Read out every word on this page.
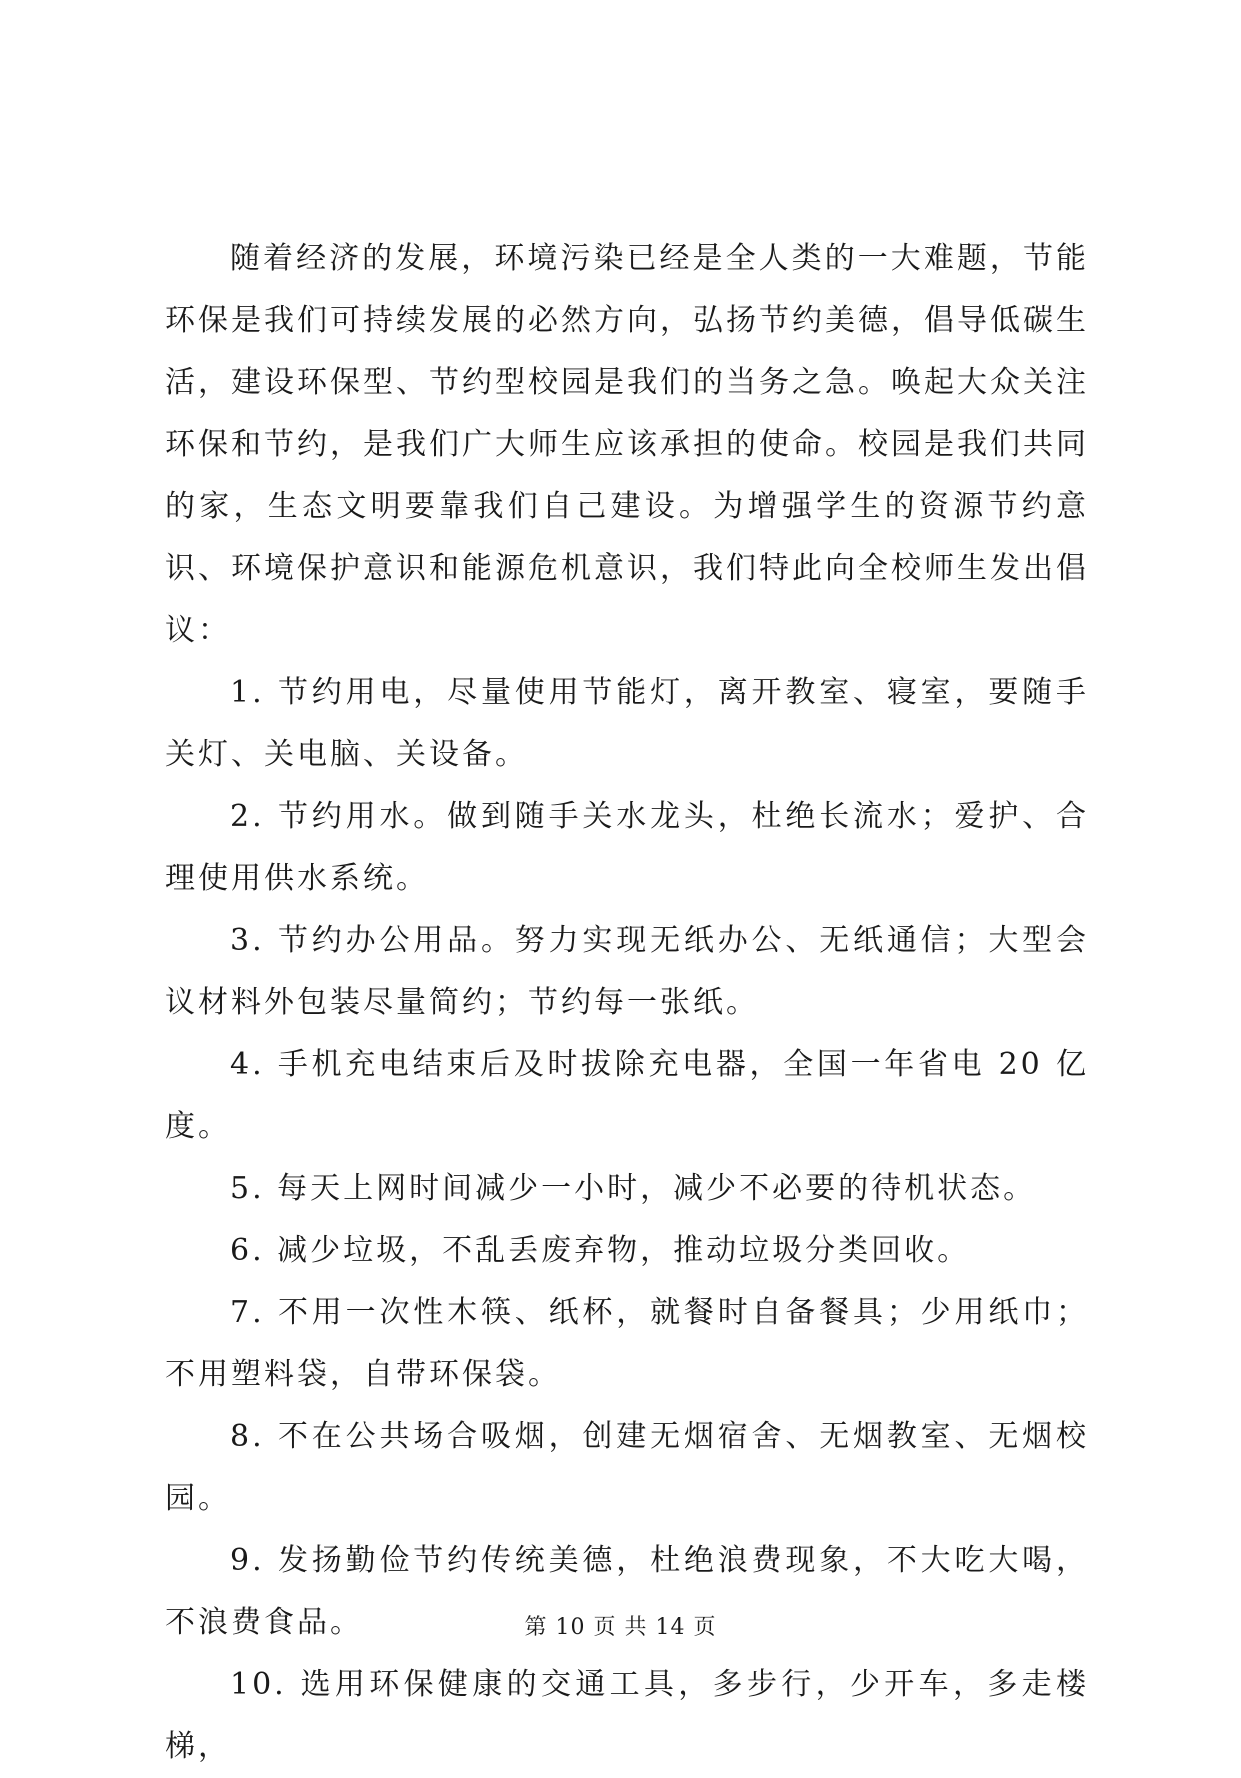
随着经济的发展，环境污染已经是全人类的一大难题，节能环保是我们可持续发展的必然方向，弘扬节约美德，倡导低碳生活，建设环保型、节约型校园是我们的当务之急。唤起大众关注环保和节约，是我们广大师生应该承担的使命。校园是我们共同的家，生态文明要靠我们自己建设。为增强学生的资源节约意识、环境保护意识和能源危机意识，我们特此向全校师生发出倡议：

1. 节约用电，尽量使用节能灯，离开教室、寝室，要随手关灯、关电脑、关设备。

2. 节约用水。做到随手关水龙头，杜绝长流水；爱护、合理使用供水系统。

3. 节约办公用品。努力实现无纸办公、无纸通信；大型会议材料外包装尽量简约；节约每一张纸。

4. 手机充电结束后及时拔除充电器，全国一年省电 20 亿度。

5. 每天上网时间减少一小时，减少不必要的待机状态。

6. 减少垃圾，不乱丢废弃物，推动垃圾分类回收。

7. 不用一次性木筷、纸杯，就餐时自备餐具；少用纸巾；不用塑料袋，自带环保袋。

8. 不在公共场合吸烟，创建无烟宿舍、无烟教室、无烟校园。

9. 发扬勤俭节约传统美德，杜绝浪费现象，不大吃大喝，不浪费食品。

10. 选用环保健康的交通工具，多步行，少开车，多走楼梯，

第 10 页 共 14 页
